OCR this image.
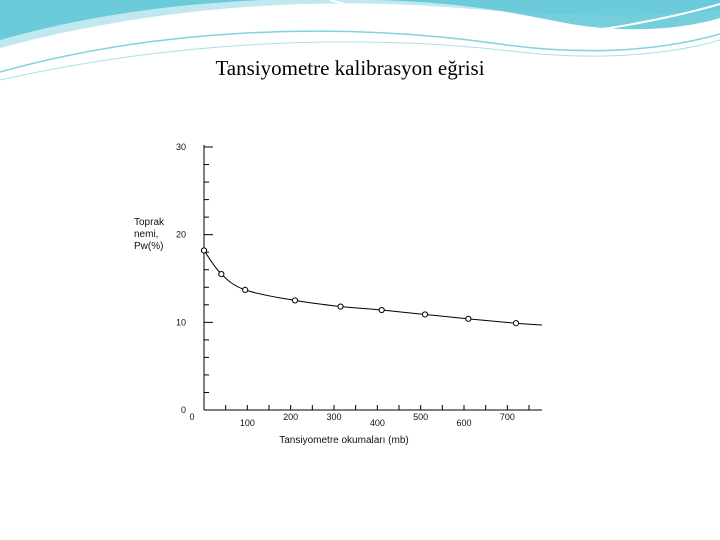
0
10
20
30
0
100
200	300
400
500
600
700
Tansiyometre okumaları (mb)
Toprak
nemi,
Pw(%)
Tansiyometre kalibrasyon eğrisi
